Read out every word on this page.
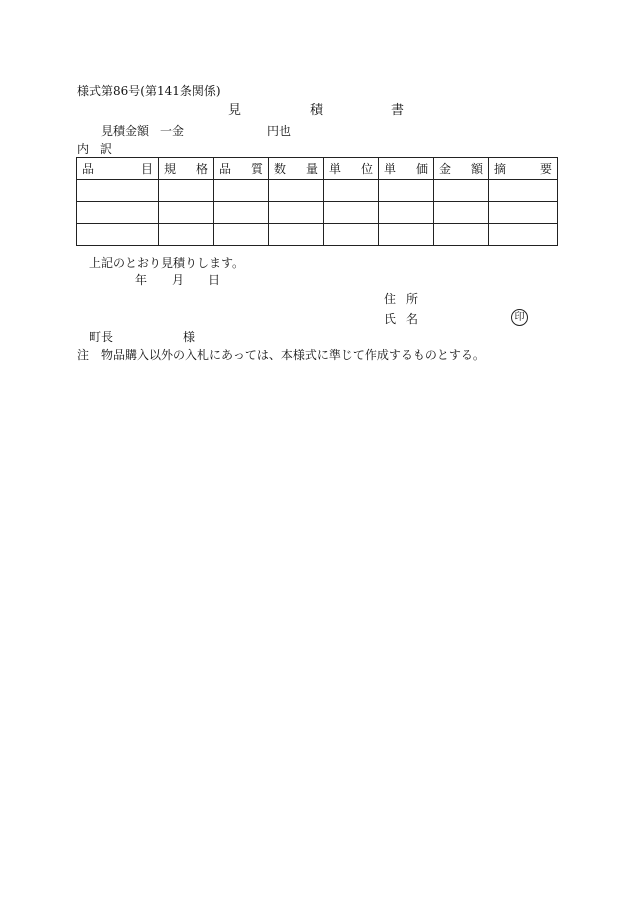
様式第86号(第141条関係)
見	積	書
見積金額 一金	円也
内訳
品 目	規 格	品 質	数 量	単 位	単 価	金 額	摘 要

上記のとおり見積りします。
年 月 日
住所
氏名	印
町長	様
注 物品購入以外の入札にあっては、本様式に準じて作成するものとする。
